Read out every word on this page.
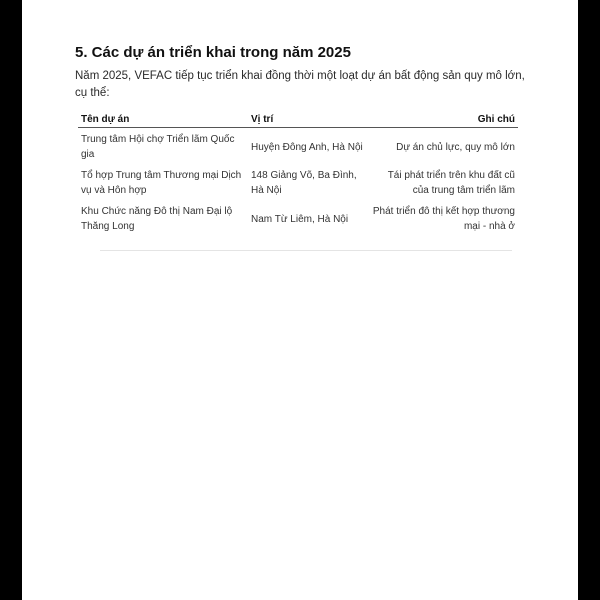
5. Các dự án triển khai trong năm 2025

Năm 2025, VEFAC tiếp tục triển khai đồng thời một loạt dự án bất động sản quy mô lớn, cụ thể:

Tên dự án	Vị trí	Ghi chú
Trung tâm Hội chợ Triển lãm Quốc gia	Huyện Đông Anh, Hà Nội	Dự án chủ lực, quy mô lớn
Tổ hợp Trung tâm Thương mại Dịch vụ và Hôn hợp	148 Giảng Võ, Ba Đình, Hà Nội	Tái phát triển trên khu đất cũ của trung tâm triển lãm
Khu Chức năng Đô thị Nam Đại lộ Thăng Long	Nam Từ Liêm, Hà Nội	Phát triển đô thị kết hợp thương mại - nhà ở
